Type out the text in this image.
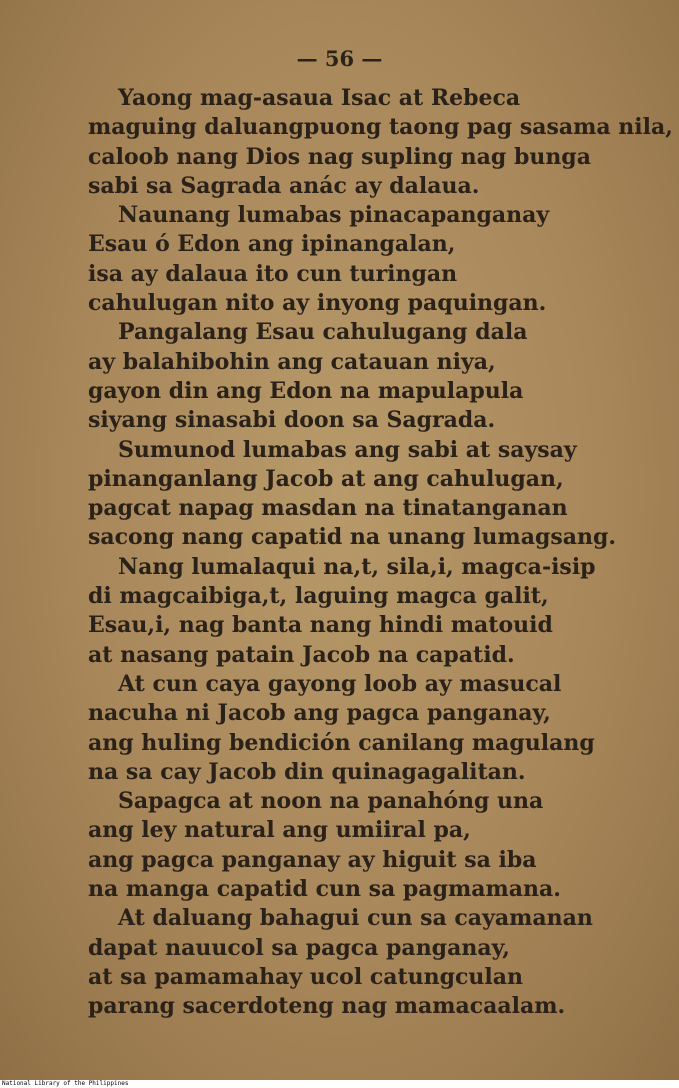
— 56 —
Yaong mag-asaua Isac at Rebeca
maguing daluangpuong taong pag sasama nila,
caloob nang Dios nag supling nag bunga
sabi sa Sagrada anác ay dalaua.
Naunang lumabas pinacapanganay
Esau ó Edon ang ipinangalan,
isa ay dalaua ito cun turingan
cahulugan nito ay inyong paquingan.
Pangalang Esau cahulugang dala
ay balahibohin ang catauan niya,
gayon din ang Edon na mapulapula
siyang sinasabi doon sa Sagrada.
Sumunod lumabas ang sabi at saysay
pinanganlang Jacob at ang cahulugan,
pagcat napag masdan na tinatanganan
sacong nang capatid na unang lumagsang.
Nang lumalaqui na,t, sila,i, magca-isip
di magcaibiga,t, laguing magca galit,
Esau,i, nag banta nang hindi matouid
at nasang patain Jacob na capatid.
At cun caya gayong loob ay masucal
nacuha ni Jacob ang pagca panganay,
ang huling bendición canilang magulang
na sa cay Jacob din quinagagalitan.
Sapagca at noon na panahóng una
ang ley natural ang umiiral pa,
ang pagca panganay ay higuit sa iba
na manga capatid cun sa pagmamana.
At daluang bahagui cun sa cayamanan
dapat nauucol sa pagca panganay,
at sa pamamahay ucol catungculan
parang sacerdoteng nag mamacaalam.
National Library of the Philippines
